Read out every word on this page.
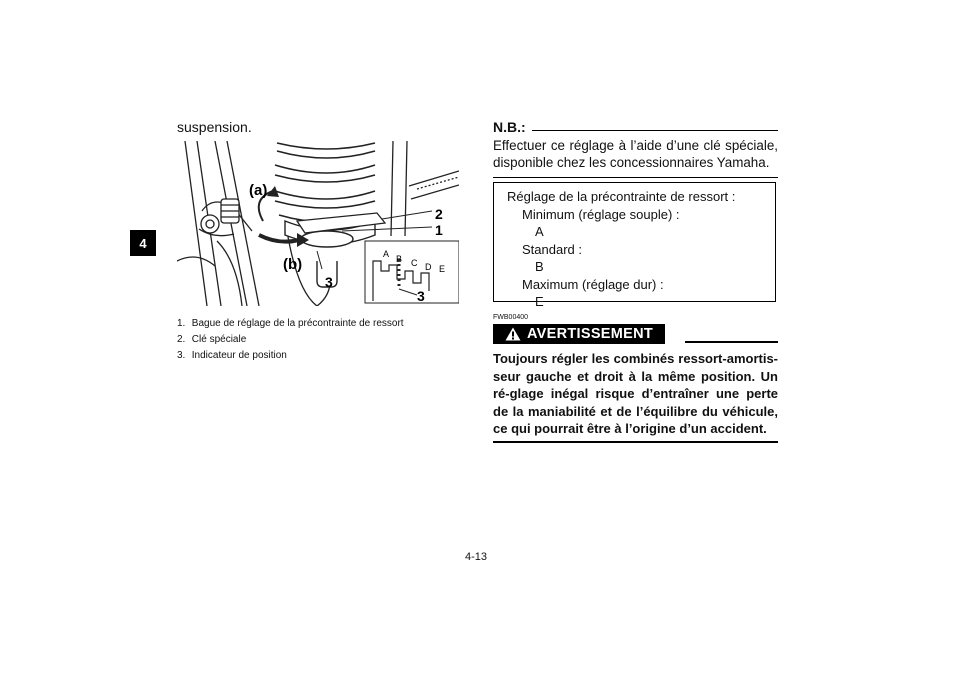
4
suspension.
A B C D E
(a)
(b)
2
1
3
3
1. Bague de réglage de la précontrainte de ressort
2. Clé spéciale
3. Indicateur de position
N.B.:
Effectuer ce réglage à l’aide d’une clé spéciale, disponible chez les concessionnaires Yamaha.
Réglage de la précontrainte de ressort :
Minimum (réglage souple) :
A
Standard :
B
Maximum (réglage dur) :
E
FWB00400
AVERTISSEMENT
Toujours régler les combinés ressort-amortis-seur gauche et droit à la même position. Un ré-glage inégal risque d’entraîner une perte de la maniabilité et de l’équilibre du véhicule, ce qui pourrait être à l’origine d’un accident.
4-13
